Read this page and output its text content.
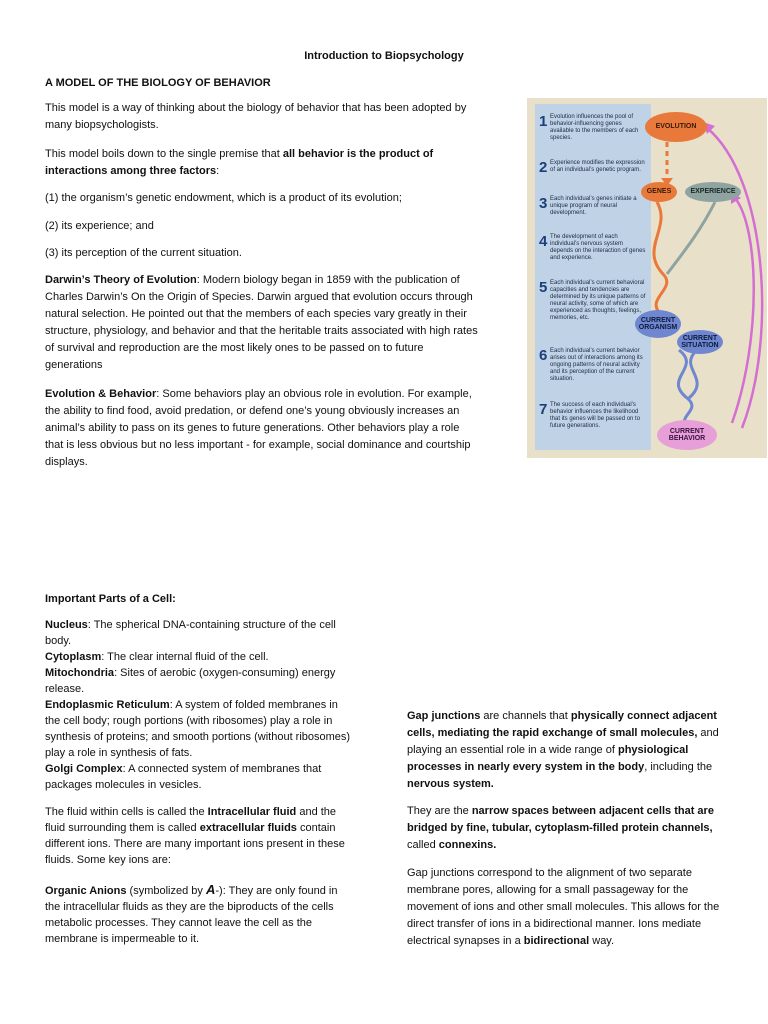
Introduction to Biopsychology
A MODEL OF THE BIOLOGY OF BEHAVIOR

This model is a way of thinking about the biology of behavior that has been adopted by many biopsychologists.

This model boils down to the single premise that all behavior is the product of interactions among three factors:

(1) the organism’s genetic endowment, which is a product of its evolution;
(2) its experience; and
(3) its perception of the current situation.

Darwin’s Theory of Evolution: Modern biology began in 1859 with the publication of Charles Darwin’s On the Origin of Species. Darwin argued that evolution occurs through natural selection. He pointed out that the members of each species vary greatly in their structure, physiology, and behavior and that the heritable traits associated with high rates of survival and reproduction are the most likely ones to be passed on to future generations

Evolution & Behavior: Some behaviors play an obvious role in evolution. For example, the ability to find food, avoid predation, or defend one’s young obviously increases an animal’s ability to pass on its genes to future generations. Other behaviors play a role that is less obvious but no less important - for example, social dominance and courtship displays.

1 Evolution influences the pool of behavior-influencing genes available to the members of each species.
2 Experience modifies the expression of an individual’s genetic program.
3 Each individual’s genes initiate a unique program of neural development.
4 The development of each individual’s nervous system depends on the interaction of genes and experience.
5 Each individual’s current behavioral capacities and tendencies are determined by its unique patterns of neural activity, some of which are experienced as thoughts, feelings, memories, etc.
6 Each individual’s current behavior arises out of interactions among its ongoing patterns of neural activity and its perception of the current situation.
7 The success of each individual’s behavior influences the likelihood that its genes will be passed on to future generations.
EVOLUTION
GENES	EXPERIENCE
CURRENT ORGANISM
CURRENT SITUATION
CURRENT BEHAVIOR
Important Parts of a Cell:

Nucleus: The spherical DNA-containing structure of the cell body.

Cytoplasm: The clear internal fluid of the cell.

Mitochondria: Sites of aerobic (oxygen-consuming) energy release.

Endoplasmic Reticulum: A system of folded membranes in the cell body; rough portions (with ribosomes) play a role in synthesis of proteins; and smooth portions (without ribosomes) play a role in synthesis of fats.

Golgi Complex: A connected system of membranes that packages molecules in vesicles.

The fluid within cells is called the Intracellular fluid and the fluid surrounding them is called extracellular fluids contain different ions. There are many important ions present in these fluids. Some key ions are:

Organic Anions (symbolized by A-): They are only found in the intracellular fluids as they are the biproducts of the cells metabolic processes. They cannot leave the cell as the membrane is impermeable to it.

Gap junctions are channels that physically connect adjacent cells, mediating the rapid exchange of small molecules, and playing an essential role in a wide range of physiological processes in nearly every system in the body, including the nervous system.

They are the narrow spaces between adjacent cells that are bridged by fine, tubular, cytoplasm-filled protein channels, called connexins.

Gap junctions correspond to the alignment of two separate membrane pores, allowing for a small passageway for the movement of ions and other small molecules. This allows for the direct transfer of ions in a bidirectional manner. Ions mediate electrical synapses in a bidirectional way.
